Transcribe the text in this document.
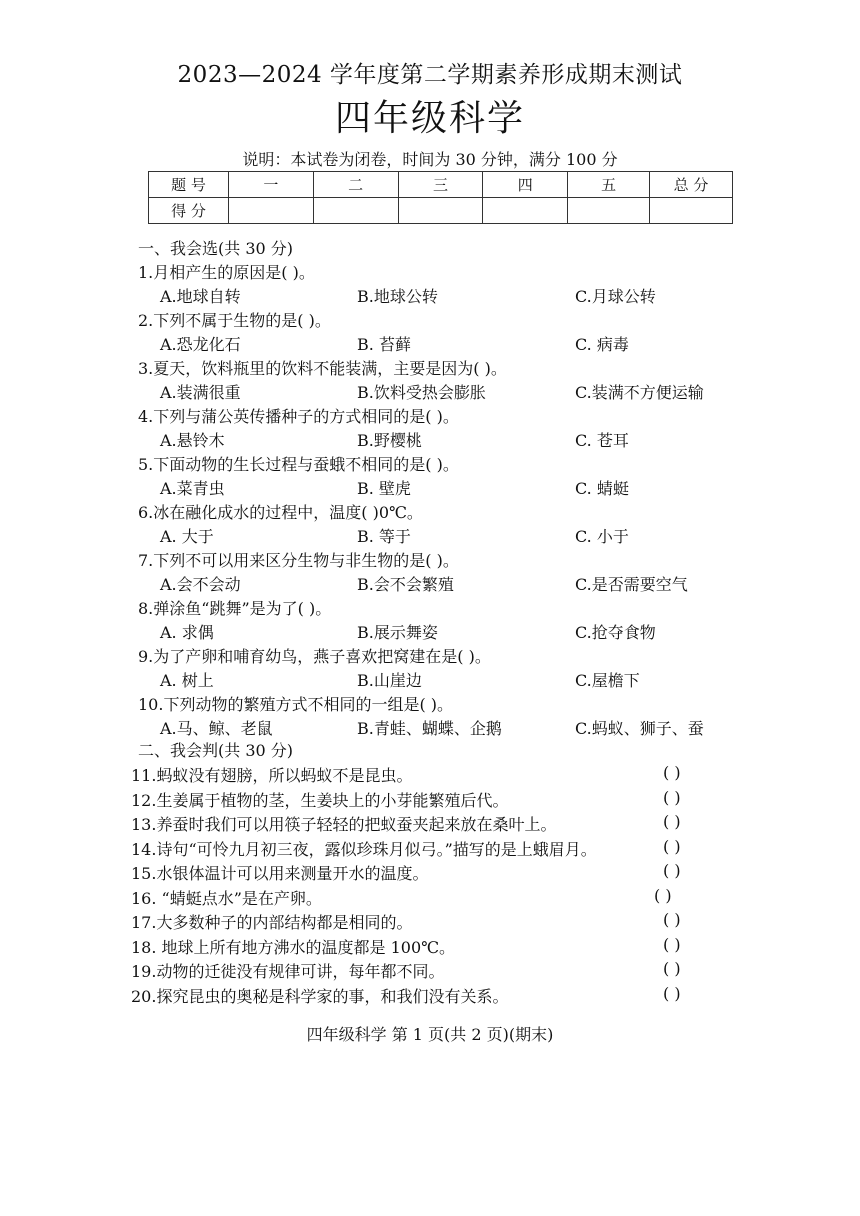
2023—2024 学年度第二学期素养形成期末测试
四年级科学
说明：本试卷为闭卷，时间为 30 分钟，满分 100 分
题 号	一	二	三	四	五	总 分
得 分						
一、我会选(共 30 分)
1.月相产生的原因是( )。
A.地球自转	B.地球公转	C.月球公转
2.下列不属于生物的是( )。
A.恐龙化石	B. 苔藓	C. 病毒
3.夏天，饮料瓶里的饮料不能装满，主要是因为( )。
A.装满很重	B.饮料受热会膨胀	C.装满不方便运输
4.下列与蒲公英传播种子的方式相同的是( )。
A.悬铃木	B.野樱桃	C. 苍耳
5.下面动物的生长过程与蚕蛾不相同的是( )。
A.菜青虫	B. 壁虎	C. 蜻蜓
6.冰在融化成水的过程中，温度( )0℃。
A. 大于	B. 等于	C. 小于
7.下列不可以用来区分生物与非生物的是( )。
A.会不会动	B.会不会繁殖	C.是否需要空气
8.弹涂鱼“跳舞”是为了( )。
A. 求偶	B.展示舞姿	C.抢夺食物
9.为了产卵和哺育幼鸟，燕子喜欢把窝建在是( )。
A. 树上	B.山崖边	C.屋檐下
10.下列动物的繁殖方式不相同的一组是( )。
A.马、鲸、老鼠	B.青蛙、蝴蝶、企鹅	C.蚂蚁、狮子、蚕
二、我会判(共 30 分)
11.蚂蚁没有翅膀，所以蚂蚁不是昆虫。	( )
12.生姜属于植物的茎，生姜块上的小芽能繁殖后代。	( )
13.养蚕时我们可以用筷子轻轻的把蚁蚕夹起来放在桑叶上。	( )
14.诗句“可怜九月初三夜，露似珍珠月似弓。”描写的是上蛾眉月。	( )
15.水银体温计可以用来测量开水的温度。	( )
16. “蜻蜓点水”是在产卵。	( )
17.大多数种子的内部结构都是相同的。	( )
18. 地球上所有地方沸水的温度都是 100℃。	( )
19.动物的迁徙没有规律可讲，每年都不同。	( )
20.探究昆虫的奥秘是科学家的事，和我们没有关系。	( )
四年级科学 第 1 页(共 2 页)(期末)
